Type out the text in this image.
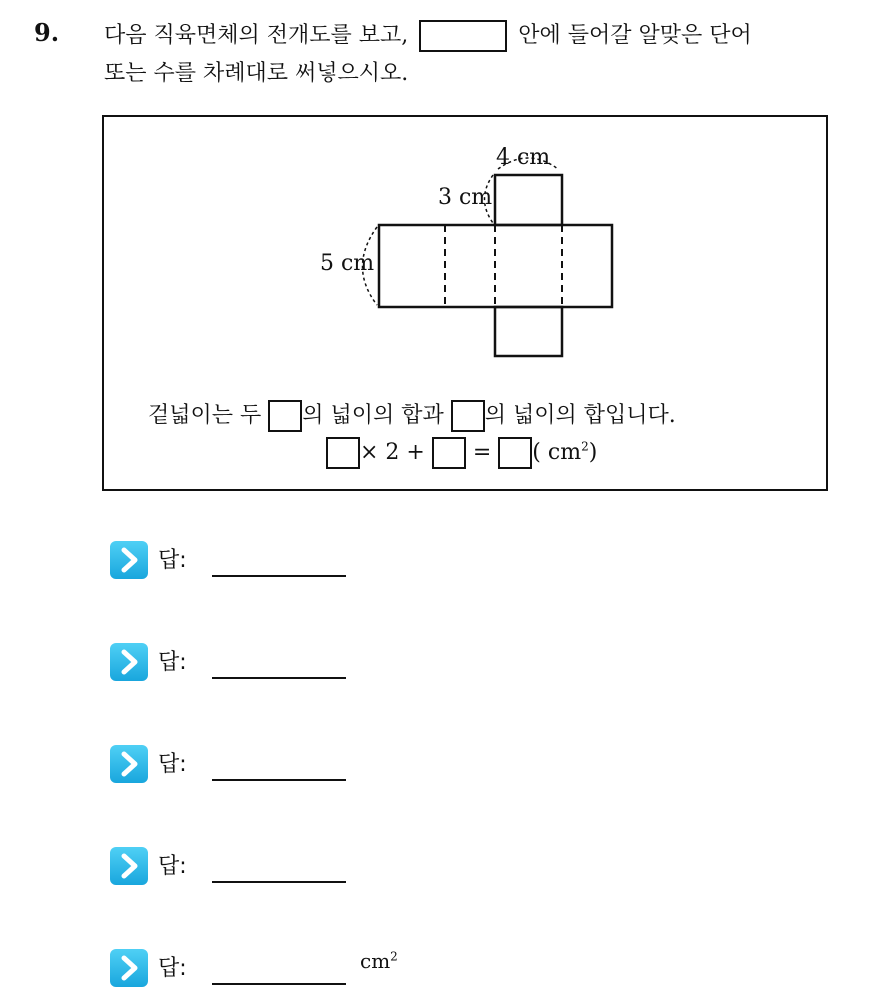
9. 다음 직육면체의 전개도를 보고,	안에 들어갈 알맞은 단어
또는 수를 차례대로 써넣으시오.
4 cm
3 cm
5 cm
겉넓이는 두 의 넓이의 합과 의 넓이의 합입니다.
× 2 + = ( $cm^2$)
답:
답:
답:
답:
답:	$cm^2$
